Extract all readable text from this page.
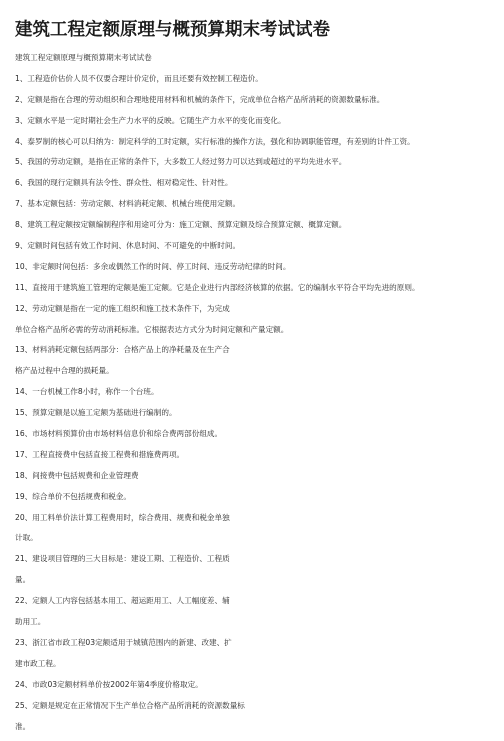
建筑工程定额原理与概预算期末考试试卷
建筑工程定额原理与概预算期末考试试卷
1、工程造价估价人员不仅要合理计价定价，而且还要有效控制工程造价。
2、定额是指在合理的劳动组织和合理地使用材料和机械的条件下，完成单位合格产品所消耗的资源数量标准。
3、定额水平是一定时期社会生产力水平的反映。它随生产力水平的变化而变化。
4、泰罗制的核心可以归纳为：制定科学的工时定额，实行标准的操作方法，强化和协调职能管理，有差别的计件工资。
5、我国的劳动定额，是指在正常的条件下，大多数工人经过努力可以达到或超过的平均先进水平。
6、我国的现行定额具有法令性、群众性、相对稳定性、针对性。
7、基本定额包括：劳动定额、材料消耗定额、机械台班使用定额。
8、建筑工程定额按定额编制程序和用途可分为：施工定额、预算定额及综合预算定额、概算定额。
9、定额时间包括有效工作时间、休息时间、不可避免的中断时间。
10、非定额时间包括：多余或偶然工作的时间、停工时间、违反劳动纪律的时间。
11、直接用于建筑施工管理的定额是施工定额。它是企业进行内部经济核算的依据。它的编制水平符合平均先进的原则。
12、劳动定额是指在一定的施工组织和施工技术条件下，为完成
单位合格产品所必需的劳动消耗标准。它根据表达方式分为时间定额和产量定额。
13、材料消耗定额包括两部分：合格产品上的净耗量及在生产合
格产品过程中合理的损耗量。
14、一台机械工作8小时，称作一个台班。
15、预算定额是以施工定额为基础进行编制的。
16、市场材料预算价由市场材料信息价和综合费两部份组成。
17、工程直接费中包括直接工程费和措施费两项。
18、间接费中包括规费和企业管理费
19、综合单价不包括规费和税金。
20、用工料单价法计算工程费用时，综合费用、规费和税金单独
计取。
21、建设项目管理的三大目标是：建设工期、工程造价、工程质
量。
22、定额人工内容包括基本用工、超运距用工、人工幅度差、辅
助用工。
23、浙江省市政工程03定额适用于城镇范围内的新建、改建、扩
建市政工程。
24、市政03定额材料单价按2002年第4季度价格取定。
25、定额是规定在正常情况下生产单位合格产品所消耗的资源数量标
准。
